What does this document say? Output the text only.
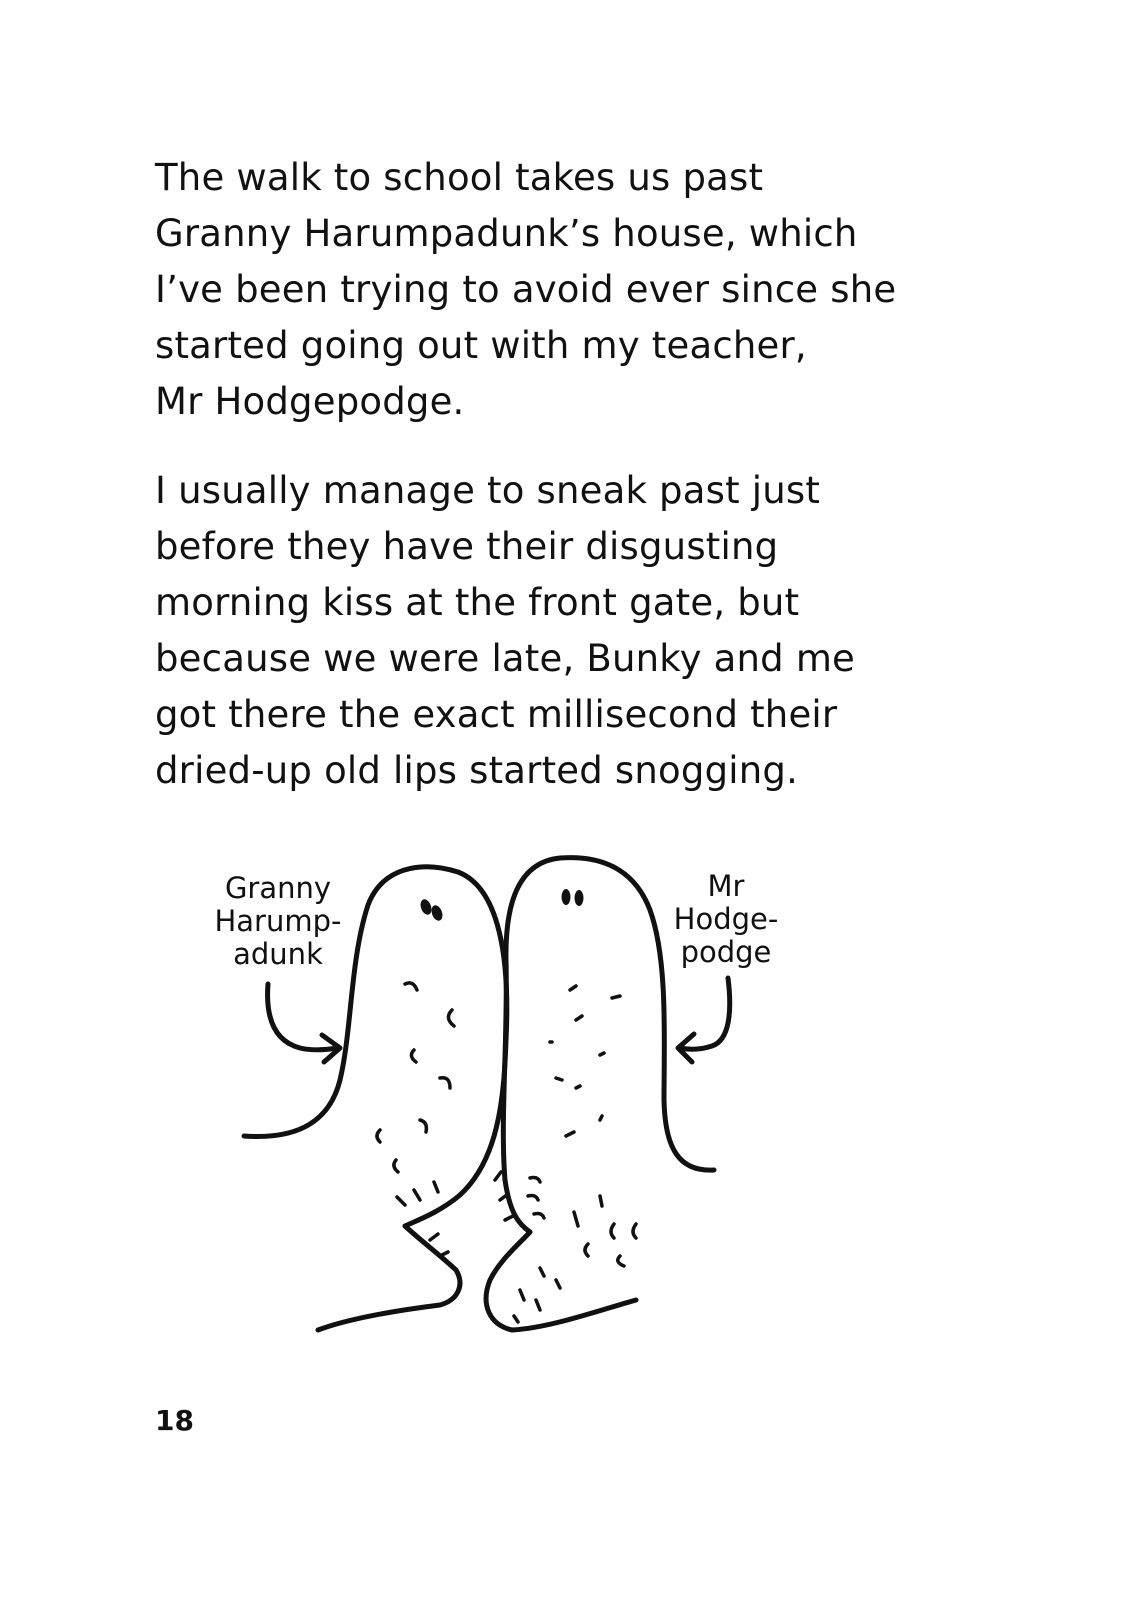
The walk to school takes us past
Granny Harumpadunk’s house, which
I’ve been trying to avoid ever since she
started going out with my teacher,
Mr Hodgepodge.
I usually manage to sneak past just
before they have their disgusting
morning kiss at the front gate, but
because we were late, Bunky and me
got there the exact millisecond their
dried-up old lips started snogging.
Granny
Harump-
adunk
Mr
Hodge-
podge
18
